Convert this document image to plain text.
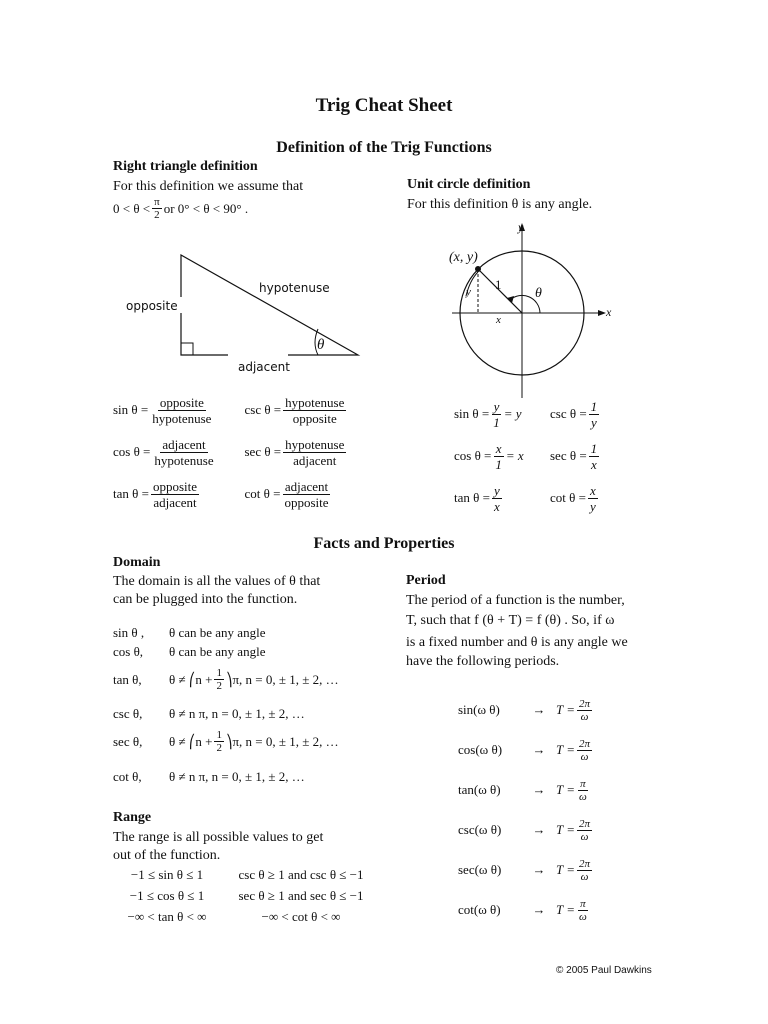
Trig Cheat Sheet
Definition of the Trig Functions
Right triangle definition
For this definition we assume that
$0 < \theta < \frac{\pi}{2}$ or 0° < θ < 90° .
opposite
hypotenuse
adjacent
θ
$\sin \theta = \frac{\text{opposite}}{\text{hypotenuse}}$ $\csc \theta = \frac{\text{hypotenuse}}{\text{opposite}}$
$\cos \theta = \frac{\text{adjacent}}{\text{hypotenuse}}$ $\sec \theta = \frac{\text{hypotenuse}}{\text{adjacent}}$
$\tan \theta = \frac{\text{opposite}}{\text{adjacent}}$	$\cot \theta = \frac{\text{adjacent}}{\text{opposite}}$
Unit circle definition
For this definition θ is any angle.
y
x
(x, y)
1
θ
y
x
$\sin \theta = \frac{y}{1} = y$ $\csc \theta = \frac{1}{y}$
$\cos \theta = \frac{x}{1} = x$ $\sec \theta = \frac{1}{x}$
$\tan \theta = \frac{y}{x}$	$\cot \theta = \frac{x}{y}$
Facts and Properties
Domain
The domain is all the values of θ that
can be plugged into the function.
sin θ ,	θ can be any angle
cos θ,	θ can be any angle
tan θ,	θ ≠ ⎛n + $\frac{1}{2}$ ⎞π, n = 0, ± 1, ± 2, …
csc θ,	θ ≠ n π, n = 0, ± 1, ± 2, …
sec θ,	θ ≠ ⎛n + $\frac{1}{2}$ ⎞π, n = 0, ± 1, ± 2, …
cot θ,	θ ≠ n π, n = 0, ± 1, ± 2, …
Range
The range is all possible values to get
out of the function.
−1 ≤ sin θ ≤ 1	csc θ ≥ 1 and csc θ ≤ −1
−1 ≤ cos θ ≤ 1	sec θ ≥ 1 and sec θ ≤ −1
−∞ < tan θ < ∞	−∞ < cot θ < ∞
Period
The period of a function is the number,
T, such that f (θ + T) = f (θ) . So, if ω
is a fixed number and θ is any angle we
have the following periods.
sin(ω θ)	→ $T = \frac{2\pi}{\omega}$
cos(ω θ)	→ $T = \frac{2\pi}{\omega}$
tan(ω θ)	→ $T = \frac{\pi}{\omega}$
csc(ω θ)	→ $T = \frac{2\pi}{\omega}$
sec(ω θ)	→ $T = \frac{2\pi}{\omega}$
cot(ω θ)	→ $T = \frac{\pi}{\omega}$
© 2005 Paul Dawkins
